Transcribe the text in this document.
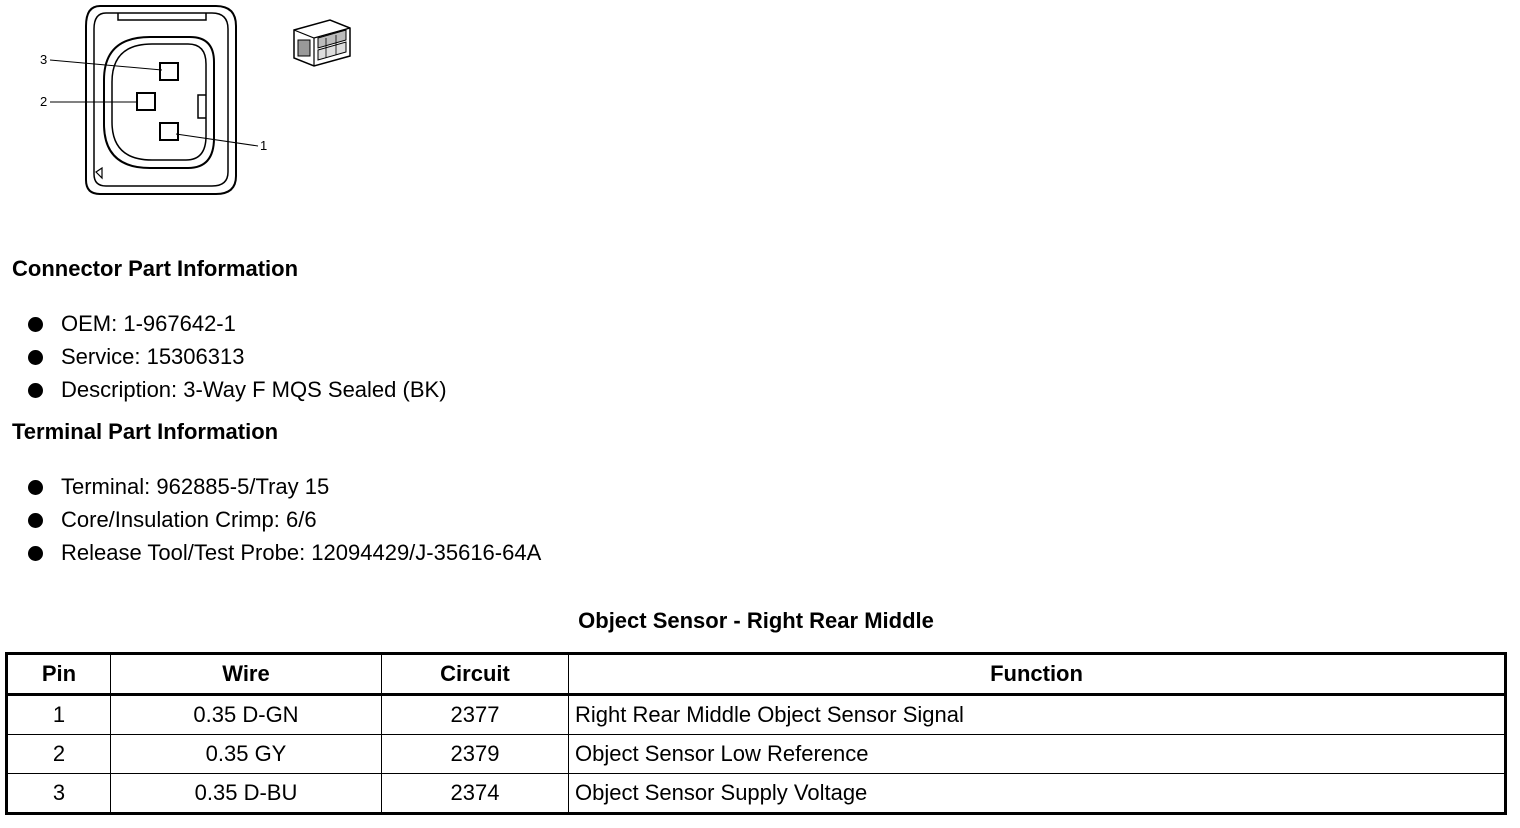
3
2
1
Connector Part Information
OEM: 1-967642-1
Service: 15306313
Description: 3-Way F MQS Sealed (BK)
Terminal Part Information
Terminal: 962885-5/Tray 15
Core/Insulation Crimp: 6/6
Release Tool/Test Probe: 12094429/J-35616-64A
Object Sensor - Right Rear Middle
Pin	Wire	Circuit	Function
1	0.35 D-GN	2377	Right Rear Middle Object Sensor Signal
2	0.35 GY	2379	Object Sensor Low Reference
3	0.35 D-BU	2374	Object Sensor Supply Voltage
